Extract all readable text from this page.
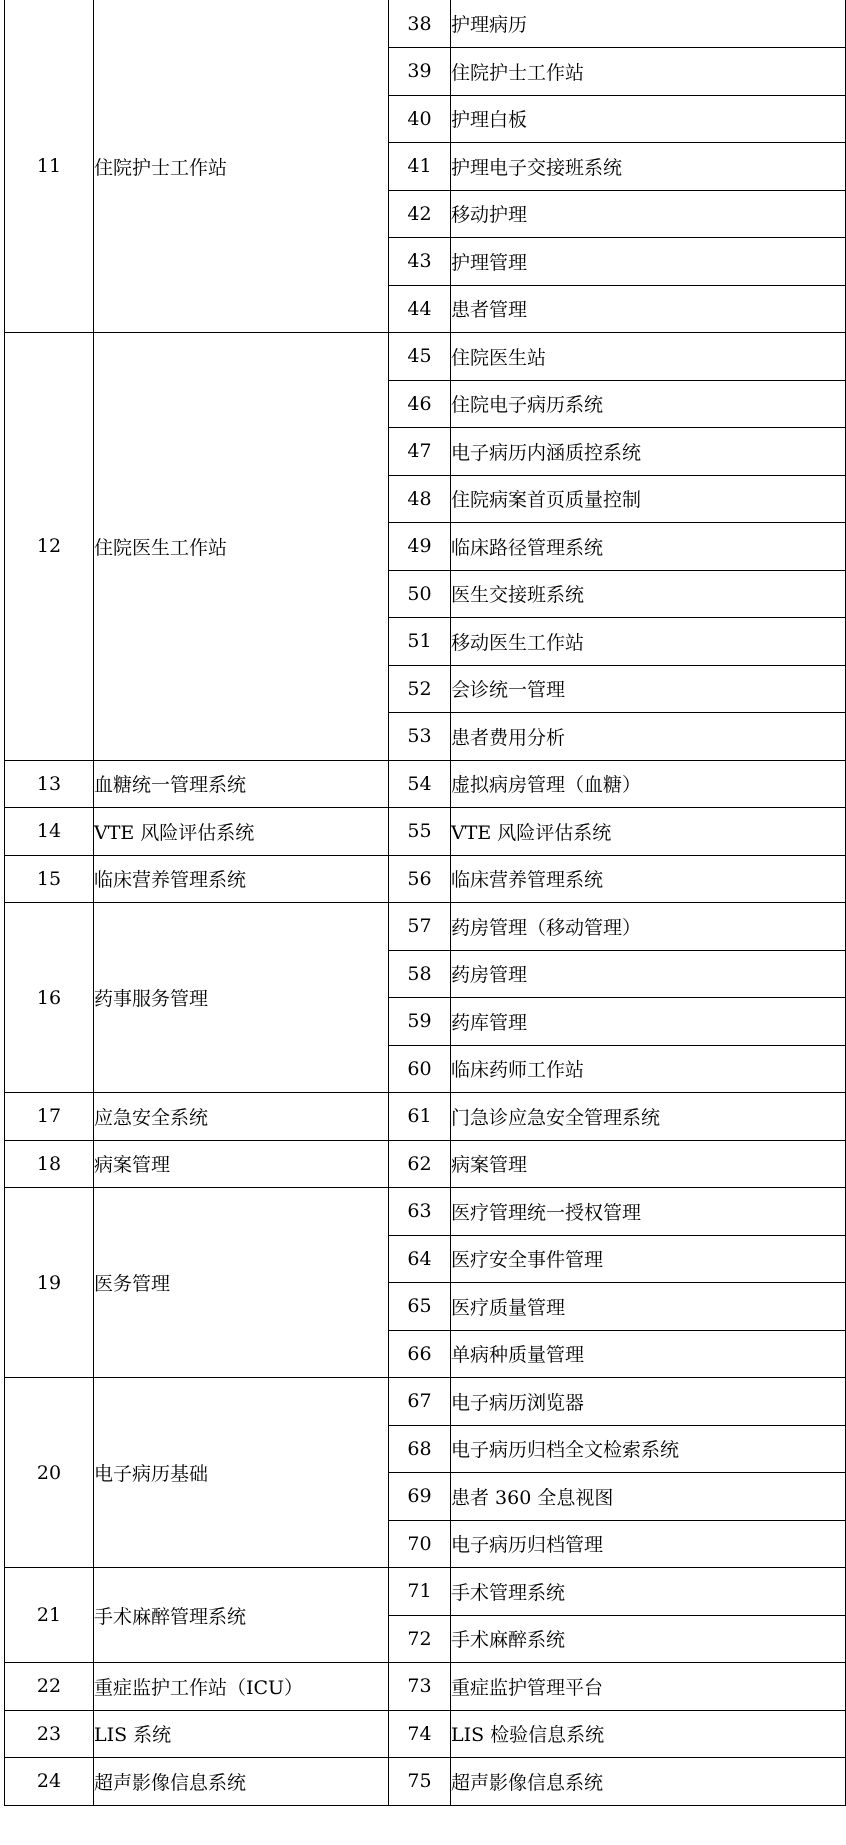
11	住院护士工作站	38	护理病历
		39	住院护士工作站
		40	护理白板
		41	护理电子交接班系统
		42	移动护理
		43	护理管理
		44	患者管理
12	住院医生工作站	45	住院医生站
		46	住院电子病历系统
		47	电子病历内涵质控系统
		48	住院病案首页质量控制
		49	临床路径管理系统
		50	医生交接班系统
		51	移动医生工作站
		52	会诊统一管理
		53	患者费用分析
13	血糖统一管理系统	54	虚拟病房管理（血糖）
14	VTE 风险评估系统	55	VTE 风险评估系统
15	临床营养管理系统	56	临床营养管理系统
16	药事服务管理	57	药房管理（移动管理）
		58	药房管理
		59	药库管理
		60	临床药师工作站
17	应急安全系统	61	门急诊应急安全管理系统
18	病案管理	62	病案管理
19	医务管理	63	医疗管理统一授权管理
		64	医疗安全事件管理
		65	医疗质量管理
		66	单病种质量管理
20	电子病历基础	67	电子病历浏览器
		68	电子病历归档全文检索系统
		69	患者 360 全息视图
		70	电子病历归档管理
21	手术麻醉管理系统	71	手术管理系统
		72	手术麻醉系统
22	重症监护工作站（ICU）	73	重症监护管理平台
23	LIS 系统	74	LIS 检验信息系统
24	超声影像信息系统	75	超声影像信息系统
